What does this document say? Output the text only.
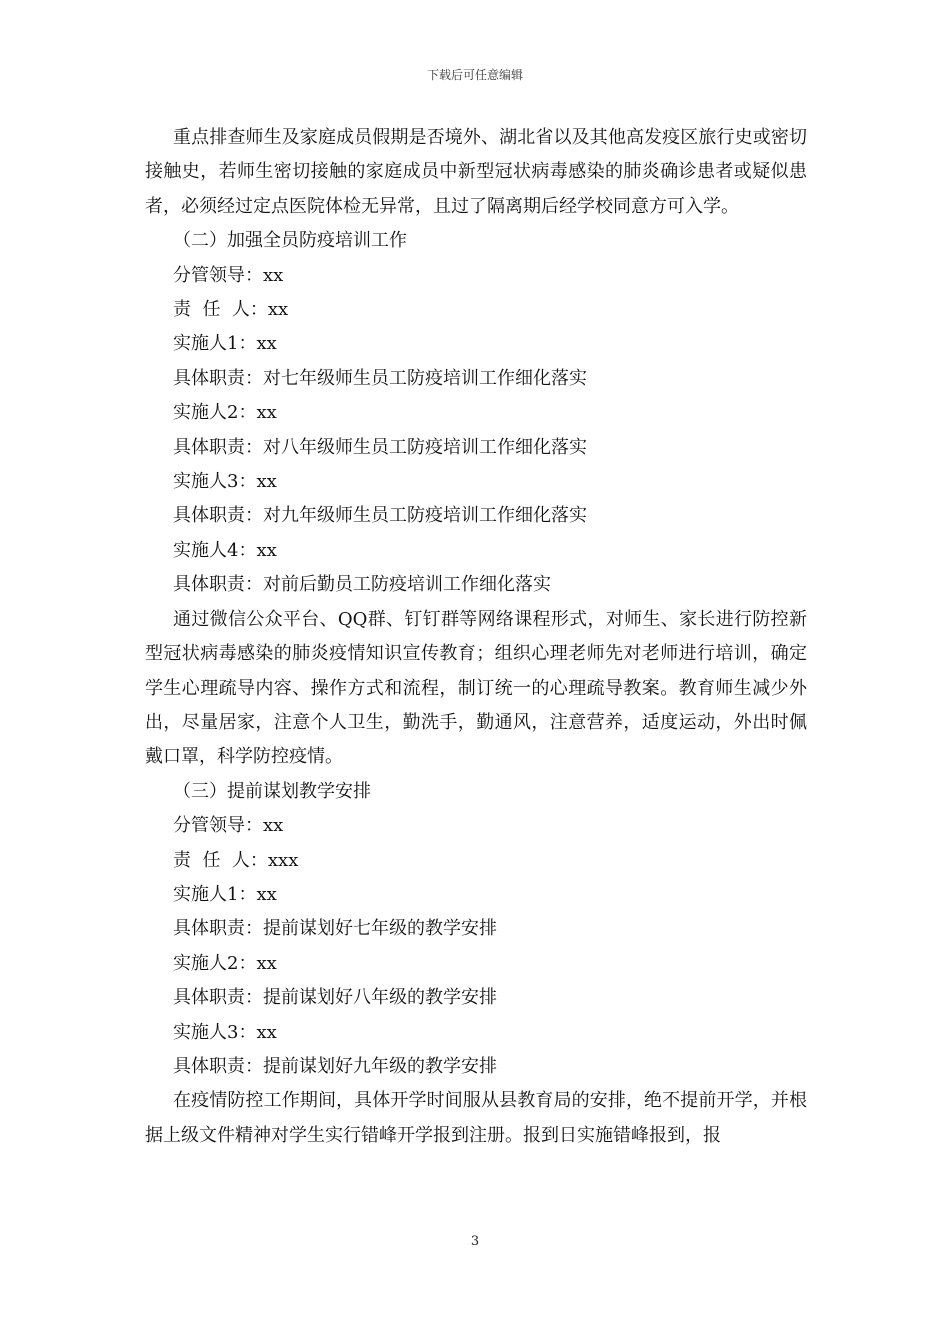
下载后可任意编辑

重点排查师生及家庭成员假期是否境外、湖北省以及其他高发疫区旅行史或密切接触史，若师生密切接触的家庭成员中新型冠状病毒感染的肺炎确诊患者或疑似患者，必须经过定点医院体检无异常，且过了隔离期后经学校同意方可入学。

（二）加强全员防疫培训工作

分管领导：xx

责  任  人：xx

实施人1：xx

具体职责：对七年级师生员工防疫培训工作细化落实

实施人2：xx

具体职责：对八年级师生员工防疫培训工作细化落实

实施人3：xx

具体职责：对九年级师生员工防疫培训工作细化落实

实施人4：xx

具体职责：对前后勤员工防疫培训工作细化落实

通过微信公众平台、QQ群、钉钉群等网络课程形式，对师生、家长进行防控新型冠状病毒感染的肺炎疫情知识宣传教育；组织心理老师先对老师进行培训，确定学生心理疏导内容、操作方式和流程，制订统一的心理疏导教案。教育师生减少外出，尽量居家，注意个人卫生，勤洗手，勤通风，注意营养，适度运动，外出时佩戴口罩，科学防控疫情。

（三）提前谋划教学安排

分管领导：xx

责  任  人：xxx

实施人1：xx

具体职责：提前谋划好七年级的教学安排

实施人2：xx

具体职责：提前谋划好八年级的教学安排

实施人3：xx

具体职责：提前谋划好九年级的教学安排

在疫情防控工作期间，具体开学时间服从县教育局的安排，绝不提前开学，并根据上级文件精神对学生实行错峰开学报到注册。报到日实施错峰报到，报

3
